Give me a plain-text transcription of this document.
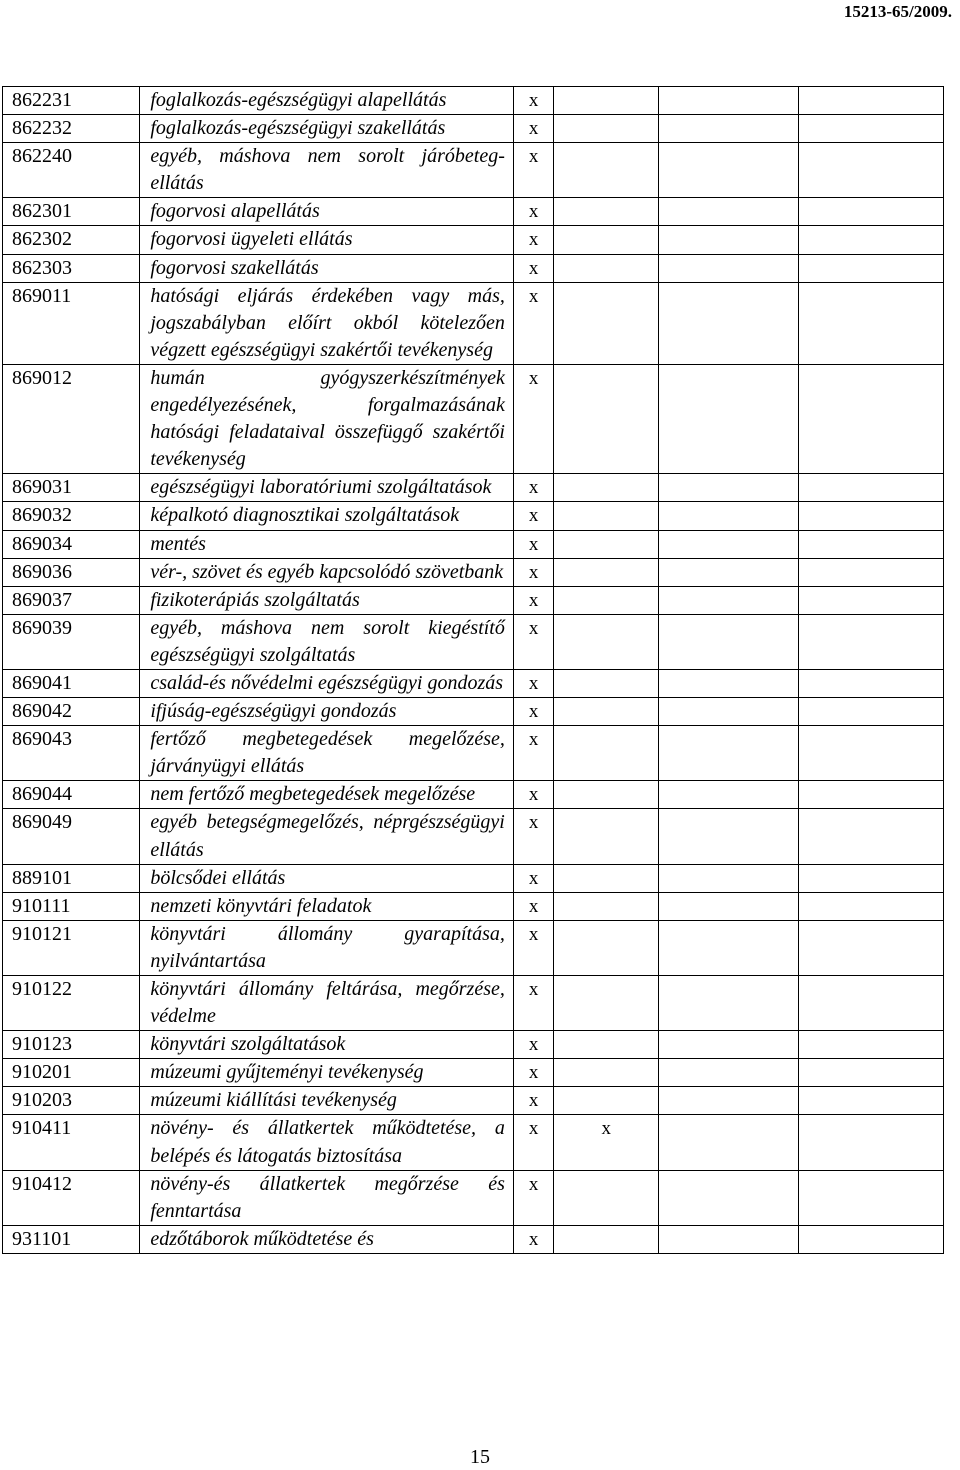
15213-65/2009.
862231	foglalkozás-egészségügyi alapellátás	x			
862232	foglalkozás-egészségügyi szakellátás	x			
862240	egyéb, máshova nem sorolt járóbeteg-ellátás	x			
862301	fogorvosi alapellátás	x			
862302	fogorvosi ügyeleti ellátás	x			
862303	fogorvosi szakellátás	x			
869011	hatósági eljárás érdekében vagy más, jogszabályban előírt okból kötelezően végzett egészségügyi szakértői tevékenység	x			
869012	humán gyógyszerkészítmények engedélyezésének, forgalmazásának hatósági feladataival összefüggő szakértői tevékenység	x			
869031	egészségügyi laboratóriumi szolgáltatások	x			
869032	képalkotó diagnosztikai szolgáltatások	x			
869034	mentés	x			
869036	vér-, szövet és egyéb kapcsolódó szövetbank	x			
869037	fizikoterápiás szolgáltatás	x			
869039	egyéb, máshova nem sorolt kiegéstítő egészségügyi szolgáltatás	x			
869041	család-és nővédelmi egészségügyi gondozás	x			
869042	ifjúság-egészségügyi gondozás	x			
869043	fertőző megbetegedések megelőzése, járványügyi ellátás	x			
869044	nem fertőző megbetegedések megelőzése	x			
869049	egyéb betegségmegelőzés, néprgészségügyi ellátás	x			
889101	bölcsődei ellátás	x			
910111	nemzeti könyvtári feladatok	x			
910121	könyvtári állomány gyarapítása, nyilvántartása	x			
910122	könyvtári állomány feltárása, megőrzése, védelme	x			
910123	könyvtári szolgáltatások	x			
910201	múzeumi gyűjteményi tevékenység	x			
910203	múzeumi kiállítási tevékenység	x			
910411	növény- és állatkertek működtetése, a belépés és látogatás biztosítása	x	x		
910412	növény-és állatkertek megőrzése és fenntartása	x			
931101	edzőtáborok működtetése és	x			
15
